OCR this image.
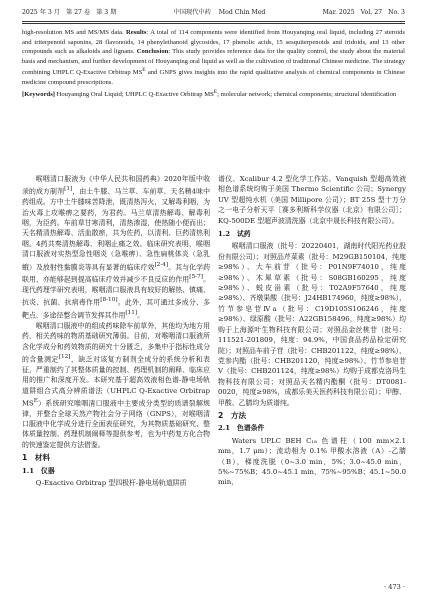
2025 年 3 月 第 27 卷 第 3 期	中国现代中药 Mod Chin Med	Mar. 2025 Vol. 27 No. 3

high-resolution MS and MS/MS data. Results: A total of 114 components were identified from Houyanqing oral liquid, including 27 steroids and triterpenoid saponins, 28 flavonoids, 14 phenylethanoid glycosides, 17 phenolic acids, 15 sesquiterpenoids and iridoids, and 13 other compounds such as alkaloids and lignans. Conclusion: This study provides reference data for the quality control, the study about the material basis and mechanism, and further development of Houyanqing oral liquid as well as the cultivation of traditional Chinese medicine. The strategy combining UHPLC Q-Exactive Orbitrap $MS^E$ and GNPS gives insights into the rapid qualitative analysis of chemical components in Chinese medicine compound prescriptions.

[Keywords] Houyanqing Oral Liquid; UHPLC Q-Exactive Orbitrap $MS^E$; molecular network; chemical components; structural identification

喉咽清口服液为《中华人民共和国药典》2020年版中收录的成方制剂[1]，由土牛膝、马兰草、车前草、天名精4味中药组成。方中土牛膝味苦降泄，既清热泻火，又解毒利咽，为治火毒上攻喉痹之要药，为君药。马兰草清热解毒、解毒利咽，为臣药。车前草甘寒清利，清热渗湿，使热随小便而出；天名精清热解毒、活血散瘀，共为佐药，以清利、巨药清热利咽。4药共奏清热解毒、利咽止痛之效。临床研究表明，喉咽清口服液对实热型急性咽炎（急喉痹）、急性扁桃体炎（急乳蛾）及放射性黏膜炎等具有显著的临床疗效[2-4]。其与化学药联用，亦能够起到提高临床疗效并减少不良反应的作用[5-7]。现代药理学研究表明，喉咽清口服液具有较好的解热、镇痛、抗炎、抗菌、抗病毒作用[8-10]。此外，其可通过多成分、多靶点、多途径整合调节发挥其作用[11]。

喉咽清口服液中的组成药味除车前草外，其他均为地方用药，相关药味的物质基础研究薄弱。目前，对喉咽清口服液所含化学成分和药效物质的研究十分匮乏，多集中于指标性成分的含量测定[12]，缺乏对该复方制剂全成分的系统分析和表征，严重制约了其整体质量的控制、药理机制的阐释、临床应用的推广和深度开发。本研究基于超高效液相色谱-静电场轨道阱组合式高分辨质谱法（UHPLC Q-Exactive Orbitrap $MS^E$）系统研究喉咽清口服液中主要成分类型的质谱裂解规律，并整合全球天然产物社会分子网络（GNPS），对喉咽清口服液中化学成分进行全面表征研究，为其物质基础研究、整体质量控制、药理机制阐释等提供参考，也为中药复方化合物的快速鉴定提供方法借鉴。

1　材料

1.1　仪器

Q-Exactive Orbitrap 型四极杆-静电场轨道阱质

谱仪、Xcalibur 4.2 型化学工作站、Vanquish 型超高效液相色谱系统均购于美国 Thermo Scientific 公司；Synergy UV 型超纯水机（美国 Millipore 公司）；BT 25S 型十万分之一电子分析天平［赛多利斯科学仪器（北京）有限公司］；KQ-500DE 型超声波清洗器（北京中晟长科技有限公司）。

1.2　试药

喉咽清口服液（批号：20220401，湖南时代阳光药业股份有限公司）；对照品芹菜素（批号：M29GB150104，纯度≥98%）、大车前苷（批号：P01N9F74010，纯度≥98%）、木犀草素（批号：S08GB160295，纯度≥98%）、蜕皮甾素（批号：T02A9F57640，纯度≥98%）、齐墩果酸（批号：J24HB174960，纯度≥98%）、竹节参皂苷Ⅳa（批号：C19D105S106246，纯度≥98%）、绿原酸（批号：A22GB158496，纯度≥98%）均购于上海源叶生物科技有限公司；对照品金丝桃苷（批号：111521-201809，纯度：94.9%，中国食品药品检定研究院）；对照品车前子苷（批号：CHB201122，纯度≥98%）、党参内酯（批号：CHB201120，纯度≥98%）、竹节参皂苷Ⅴ（批号：CHB201124，纯度≥98%）均购于成都克洛玛生物科技有限公司；对照品天名精内酯酮（批号：DT0081-0020，纯度≥98%，成都乐美天医药科技有限公司）；甲醇、甲酸、乙腈均为质谱纯。

2　方法

2.1　色谱条件

Waters UPLC BEH C₁₈ 色谱柱（100 mm×2.1 mm，1.7 μm）；流动相为 0.1% 甲酸水溶液（A）-乙腈（B），梯度洗脱（0~3.0 min，5%；3.0~45.0 min，5%~75%B；45.0~45.1 min，75%~95%B；45.1~50.0 min，

· 473 ·
